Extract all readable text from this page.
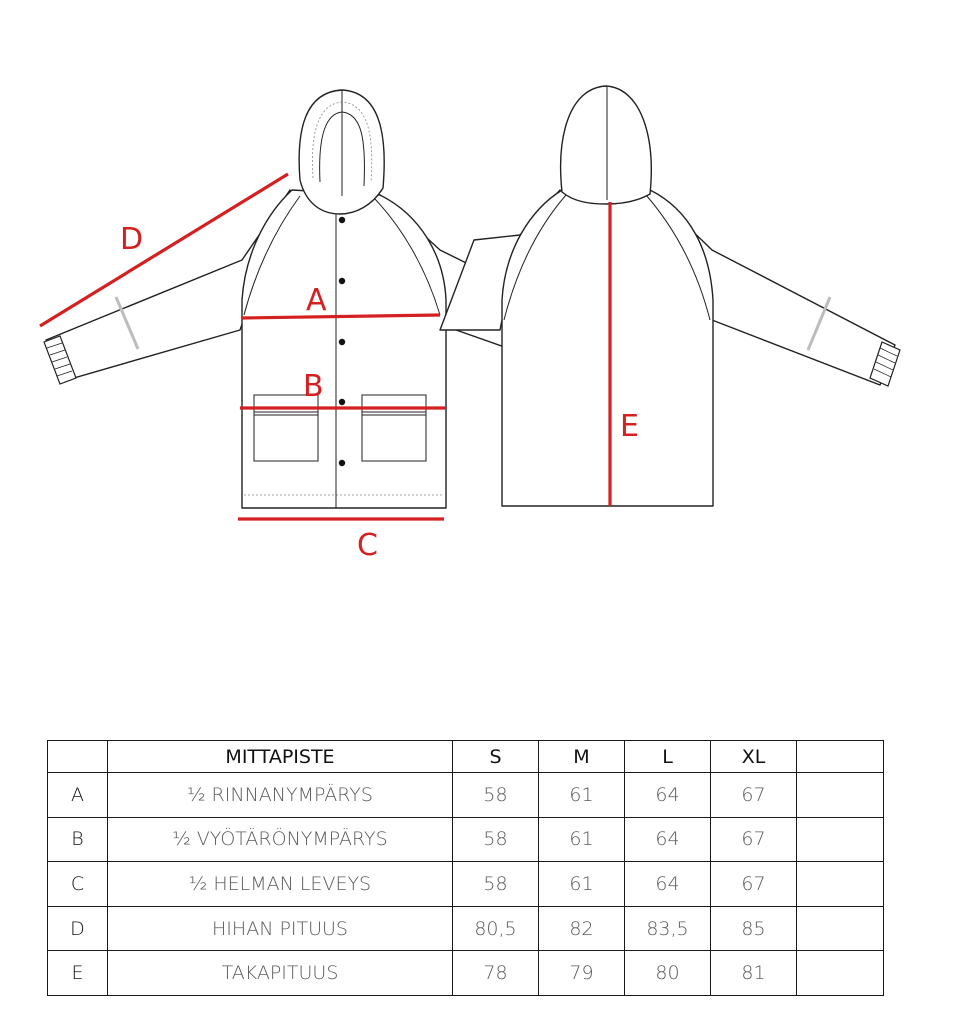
A
B
C
D
E
	MITTAPISTE	S	M	L	XL	
A	½ RINNANYMPÄRYS	58	61	64	67	
B	½ VYÖTÄRÖNYMPÄRYS	58	61	64	67	
C	½ HELMAN LEVEYS	58	61	64	67	
D	HIHAN PITUUS	80,5	82	83,5	85	
E	TAKAPITUUS	78	79	80	81	
